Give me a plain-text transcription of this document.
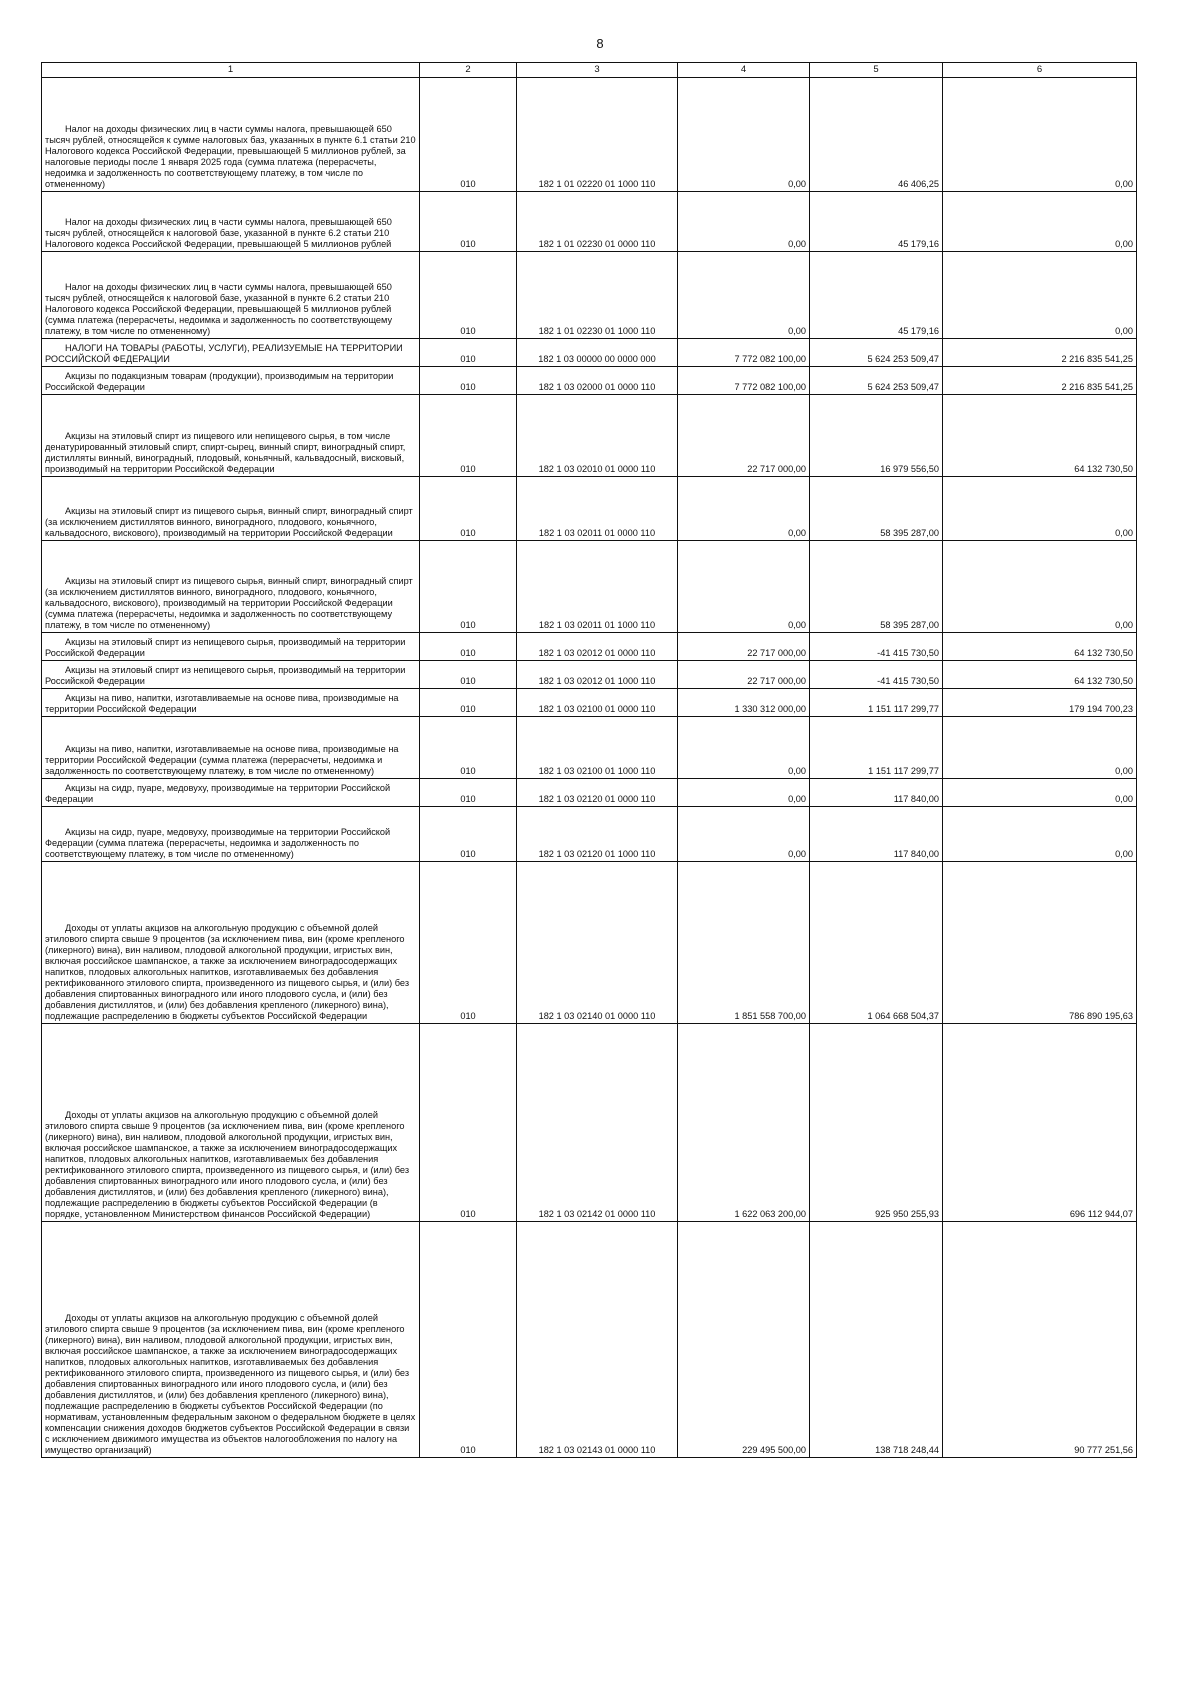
8
1	2	3	4	5	6
Налог на доходы физических лиц в части суммы налога, превышающей 650 тысяч рублей, относящейся к сумме налоговых баз, указанных в пункте 6.1 статьи 210 Налогового кодекса Российской Федерации, превышающей 5 миллионов рублей, за налоговые периоды после 1 января 2025 года (сумма платежа (перерасчеты, недоимка и задолженность по соответствующему платежу, в том числе по отмененному)	010	182 1 01 02220 01 1000 110	0,00	46 406,25	0,00
Налог на доходы физических лиц в части суммы налога, превышающей 650 тысяч рублей, относящейся к налоговой базе, указанной в пункте 6.2 статьи 210 Налогового кодекса Российской Федерации, превышающей 5 миллионов рублей	010	182 1 01 02230 01 0000 110	0,00	45 179,16	0,00
Налог на доходы физических лиц в части суммы налога, превышающей 650 тысяч рублей, относящейся к налоговой базе, указанной в пункте 6.2 статьи 210 Налогового кодекса Российской Федерации, превышающей 5 миллионов рублей (сумма платежа (перерасчеты, недоимка и задолженность по соответствующему платежу, в том числе по отмененному)	010	182 1 01 02230 01 1000 110	0,00	45 179,16	0,00
НАЛОГИ НА ТОВАРЫ (РАБОТЫ, УСЛУГИ), РЕАЛИЗУЕМЫЕ НА ТЕРРИТОРИИ РОССИЙСКОЙ ФЕДЕРАЦИИ	010	182 1 03 00000 00 0000 000	7 772 082 100,00	5 624 253 509,47	2 216 835 541,25
Акцизы по подакцизным товарам (продукции), производимым на территории Российской Федерации	010	182 1 03 02000 01 0000 110	7 772 082 100,00	5 624 253 509,47	2 216 835 541,25
Акцизы на этиловый спирт из пищевого или непищевого сырья, в том числе денатурированный этиловый спирт, спирт-сырец, винный спирт, виноградный спирт, дистилляты винный, виноградный, плодовый, коньячный, кальвадосный, висковый, производимый на территории Российской Федерации	010	182 1 03 02010 01 0000 110	22 717 000,00	16 979 556,50	64 132 730,50
Акцизы на этиловый спирт из пищевого сырья, винный спирт, виноградный спирт (за исключением дистиллятов винного, виноградного, плодового, коньячного, кальвадосного, вискового), производимый на территории Российской Федерации	010	182 1 03 02011 01 0000 110	0,00	58 395 287,00	0,00
Акцизы на этиловый спирт из пищевого сырья, винный спирт, виноградный спирт (за исключением дистиллятов винного, виноградного, плодового, коньячного, кальвадосного, вискового), производимый на территории Российской Федерации (сумма платежа (перерасчеты, недоимка и задолженность по соответствующему платежу, в том числе по отмененному)	010	182 1 03 02011 01 1000 110	0,00	58 395 287,00	0,00
Акцизы на этиловый спирт из непищевого сырья, производимый на территории Российской Федерации	010	182 1 03 02012 01 0000 110	22 717 000,00	-41 415 730,50	64 132 730,50
Акцизы на этиловый спирт из непищевого сырья, производимый на территории Российской Федерации	010	182 1 03 02012 01 1000 110	22 717 000,00	-41 415 730,50	64 132 730,50
Акцизы на пиво, напитки, изготавливаемые на основе пива, производимые на территории Российской Федерации	010	182 1 03 02100 01 0000 110	1 330 312 000,00	1 151 117 299,77	179 194 700,23
Акцизы на пиво, напитки, изготавливаемые на основе пива, производимые на территории Российской Федерации (сумма платежа (перерасчеты, недоимка и задолженность по соответствующему платежу, в том числе по отмененному)	010	182 1 03 02100 01 1000 110	0,00	1 151 117 299,77	0,00
Акцизы на сидр, пуаре, медовуху, производимые на территории Российской Федерации	010	182 1 03 02120 01 0000 110	0,00	117 840,00	0,00
Акцизы на сидр, пуаре, медовуху, производимые на территории Российской Федерации (сумма платежа (перерасчеты, недоимка и задолженность по соответствующему платежу, в том числе по отмененному)	010	182 1 03 02120 01 1000 110	0,00	117 840,00	0,00
Доходы от уплаты акцизов на алкогольную продукцию с объемной долей этилового спирта свыше 9 процентов (за исключением пива, вин (кроме крепленого (ликерного) вина), вин наливом, плодовой алкогольной продукции, игристых вин, включая российское шампанское, а также за исключением виноградосодержащих напитков, плодовых алкогольных напитков, изготавливаемых без добавления ректификованного этилового спирта, произведенного из пищевого сырья, и (или) без добавления спиртованных виноградного или иного плодового сусла, и (или) без добавления дистиллятов, и (или) без добавления крепленого (ликерного) вина), подлежащие распределению в бюджеты субъектов Российской Федерации	010	182 1 03 02140 01 0000 110	1 851 558 700,00	1 064 668 504,37	786 890 195,63
Доходы от уплаты акцизов на алкогольную продукцию с объемной долей этилового спирта свыше 9 процентов (за исключением пива, вин (кроме крепленого (ликерного) вина), вин наливом, плодовой алкогольной продукции, игристых вин, включая российское шампанское, а также за исключением виноградосодержащих напитков, плодовых алкогольных напитков, изготавливаемых без добавления ректификованного этилового спирта, произведенного из пищевого сырья, и (или) без добавления спиртованных виноградного или иного плодового сусла, и (или) без добавления дистиллятов, и (или) без добавления крепленого (ликерного) вина), подлежащие распределению в бюджеты субъектов Российской Федерации (в порядке, установленном Министерством финансов Российской Федерации)	010	182 1 03 02142 01 0000 110	1 622 063 200,00	925 950 255,93	696 112 944,07
Доходы от уплаты акцизов на алкогольную продукцию с объемной долей этилового спирта свыше 9 процентов (за исключением пива, вин (кроме крепленого (ликерного) вина), вин наливом, плодовой алкогольной продукции, игристых вин, включая российское шампанское, а также за исключением виноградосодержащих напитков, плодовых алкогольных напитков, изготавливаемых без добавления ректификованного этилового спирта, произведенного из пищевого сырья, и (или) без добавления спиртованных виноградного или иного плодового сусла, и (или) без добавления дистиллятов, и (или) без добавления крепленого (ликерного) вина), подлежащие распределению в бюджеты субъектов Российской Федерации (по нормативам, установленным федеральным законом о федеральном бюджете в целях компенсации снижения доходов бюджетов субъектов Российской Федерации в связи с исключением движимого имущества из объектов налогообложения по налогу на имущество организаций)	010	182 1 03 02143 01 0000 110	229 495 500,00	138 718 248,44	90 777 251,56
